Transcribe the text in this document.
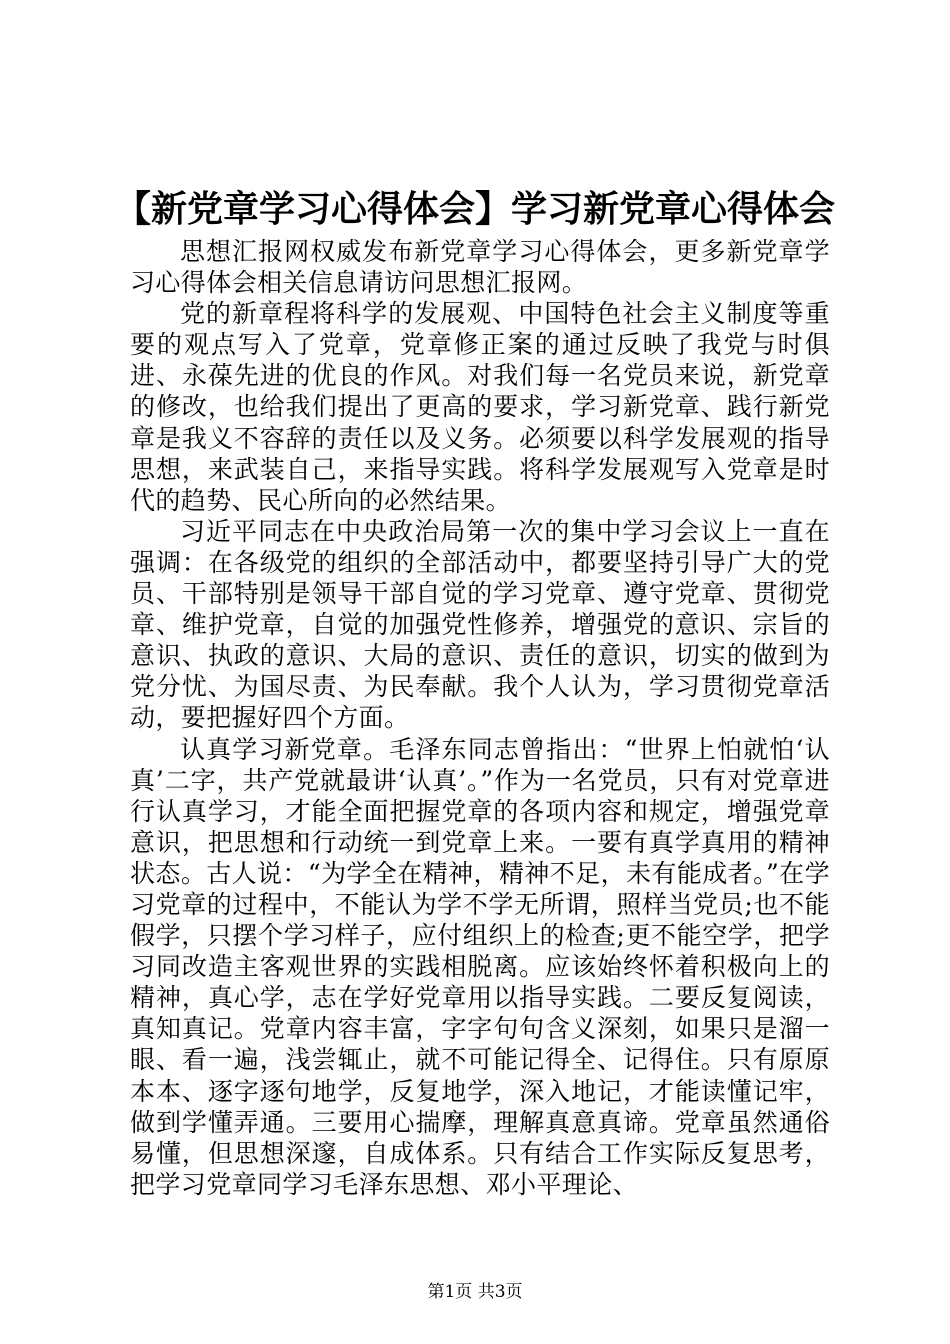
【新党章学习心得体会】学习新党章心得体会

思想汇报网权威发布新党章学习心得体会，更多新党章学习心得体会相关信息请访问思想汇报网。

党的新章程将科学的发展观、中国特色社会主义制度等重要的观点写入了党章，党章修正案的通过反映了我党与时俱进、永葆先进的优良的作风。对我们每一名党员来说，新党章的修改，也给我们提出了更高的要求，学习新党章、践行新党章是我义不容辞的责任以及义务。必须要以科学发展观的指导思想，来武装自己，来指导实践。将科学发展观写入党章是时代的趋势、民心所向的必然结果。

习近平同志在中央政治局第一次的集中学习会议上一直在强调：在各级党的组织的全部活动中，都要坚持引导广大的党员、干部特别是领导干部自觉的学习党章、遵守党章、贯彻党章、维护党章，自觉的加强党性修养，增强党的意识、宗旨的意识、执政的意识、大局的意识、责任的意识，切实的做到为党分忧、为国尽责、为民奉献。我个人认为，学习贯彻党章活动，要把握好四个方面。

认真学习新党章。毛泽东同志曾指出：“世界上怕就怕‘认真’二字，共产党就最讲‘认真’。”作为一名党员，只有对党章进行认真学习，才能全面把握党章的各项内容和规定，增强党章意识，把思想和行动统一到党章上来。一要有真学真用的精神状态。古人说：“为学全在精神，精神不足，未有能成者。”在学习党章的过程中，不能认为学不学无所谓，照样当党员;也不能假学，只摆个学习样子，应付组织上的检查;更不能空学，把学习同改造主客观世界的实践相脱离。应该始终怀着积极向上的精神，真心学，志在学好党章用以指导实践。二要反复阅读，真知真记。党章内容丰富，字字句句含义深刻，如果只是溜一眼、看一遍，浅尝辄止，就不可能记得全、记得住。只有原原本本、逐字逐句地学，反复地学，深入地记，才能读懂记牢，做到学懂弄通。三要用心揣摩，理解真意真谛。党章虽然通俗易懂，但思想深邃，自成体系。只有结合工作实际反复思考，把学习党章同学习毛泽东思想、邓小平理论、

第1页 共3页
